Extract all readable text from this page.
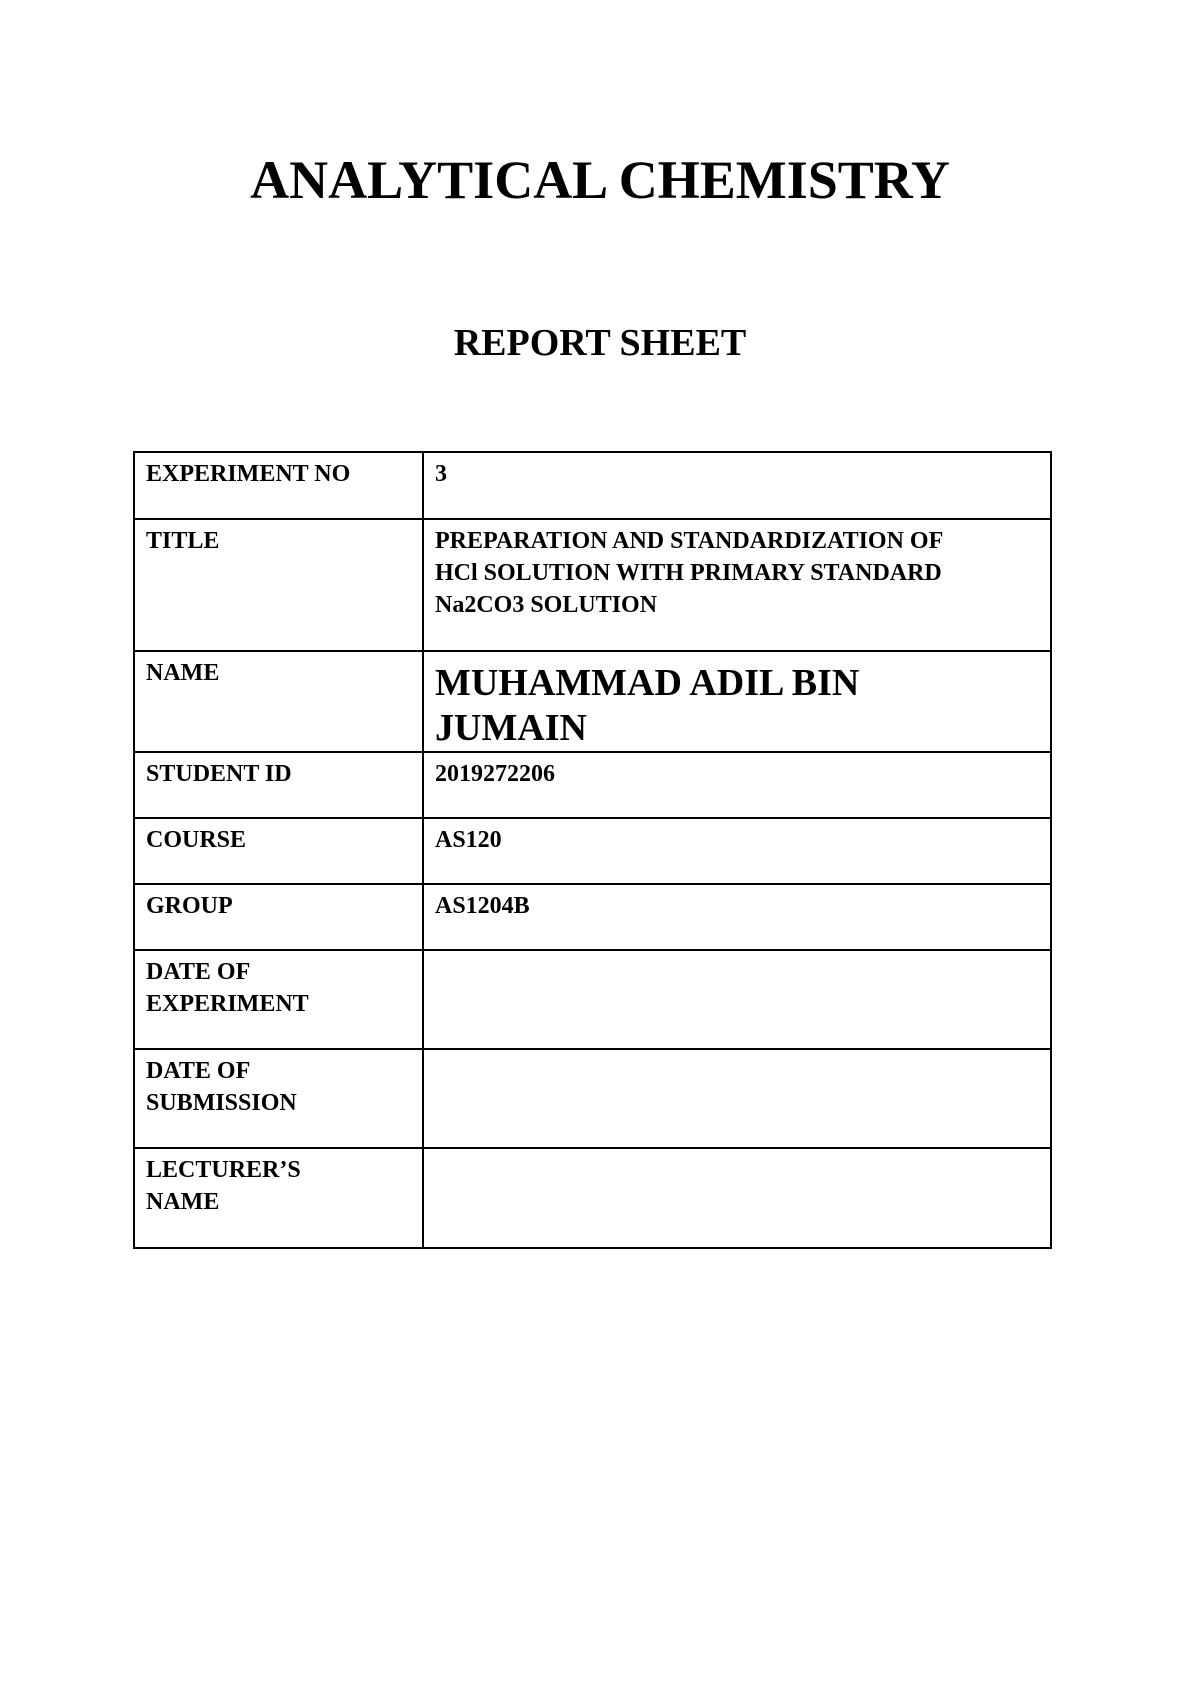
ANALYTICAL CHEMISTRY
REPORT SHEET
EXPERIMENT NO	3

TITLE	PREPARATION AND STANDARDIZATION OF
HCl SOLUTION WITH PRIMARY STANDARD
Na2CO3 SOLUTION

NAME	MUHAMMAD ADIL BIN
JUMAIN

STUDENT ID	2019272206

COURSE	AS120

GROUP	AS1204B

DATE OF
EXPERIMENT	

DATE OF
SUBMISSION	

LECTURER’S
NAME	
